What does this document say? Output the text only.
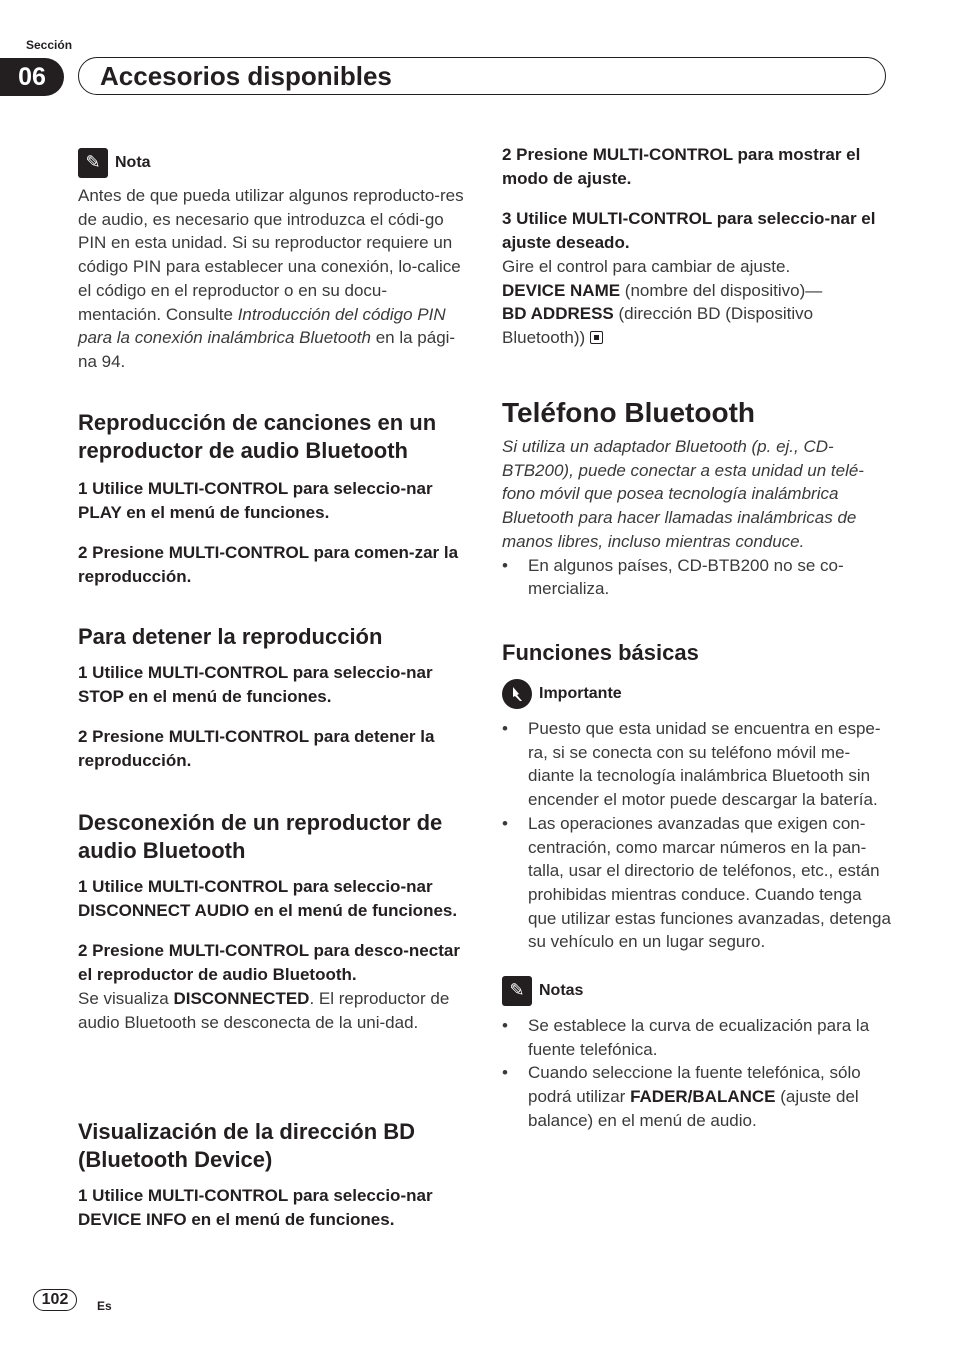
Sección
06	Accesorios disponibles
✎ Nota

Antes de que pueda utilizar algunos reproducto-res de audio, es necesario que introduzca el códi-go PIN en esta unidad. Si su reproductor requiere un código PIN para establecer una conexión, lo-calice el código en el reproductor o en su docu-mentación. Consulte Introducción del código PIN para la conexión inalámbrica Bluetooth en la pági-na 94.

Reproducción de canciones en un reproductor de audio Bluetooth

1 Utilice MULTI-CONTROL para seleccio-nar PLAY en el menú de funciones.

2 Presione MULTI-CONTROL para comen-zar la reproducción.

Para detener la reproducción

1 Utilice MULTI-CONTROL para seleccio-nar STOP en el menú de funciones.

2 Presione MULTI-CONTROL para detener la reproducción.

Desconexión de un reproductor de audio Bluetooth

1 Utilice MULTI-CONTROL para seleccio-nar DISCONNECT AUDIO en el menú de funciones.

2 Presione MULTI-CONTROL para desco-nectar el reproductor de audio Bluetooth.

Se visualiza DISCONNECTED. El reproductor de audio Bluetooth se desconecta de la uni-dad.

Visualización de la dirección BD (Bluetooth Device)

1 Utilice MULTI-CONTROL para seleccio-nar DEVICE INFO en el menú de funciones.

2 Presione MULTI-CONTROL para mostrar el modo de ajuste.

3 Utilice MULTI-CONTROL para seleccio-nar el ajuste deseado.

Gire el control para cambiar de ajuste.

DEVICE NAME (nombre del dispositivo)—
BD ADDRESS (dirección BD (Dispositivo Bluetooth))

Teléfono Bluetooth

Si utiliza un adaptador Bluetooth (p. ej., CD-BTB200), puede conectar a esta unidad un telé-fono móvil que posea tecnología inalámbrica Bluetooth para hacer llamadas inalámbricas de manos libres, incluso mientras conduce.

• En algunos países, CD-BTB200 no se co-mercializa.

Funciones básicas

Importante
• Puesto que esta unidad se encuentra en espe-ra, si se conecta con su teléfono móvil me-diante la tecnología inalámbrica Bluetooth sin encender el motor puede descargar la batería.
• Las operaciones avanzadas que exigen con-centración, como marcar números en la pan-talla, usar el directorio de teléfonos, etc., están prohibidas mientras conduce. Cuando tenga que utilizar estas funciones avanzadas, detenga su vehículo en un lugar seguro.
✎ Notas
• Se establece la curva de ecualización para la fuente telefónica.
• Cuando seleccione la fuente telefónica, sólo podrá utilizar FADER/BALANCE (ajuste del balance) en el menú de audio.
102	Es
